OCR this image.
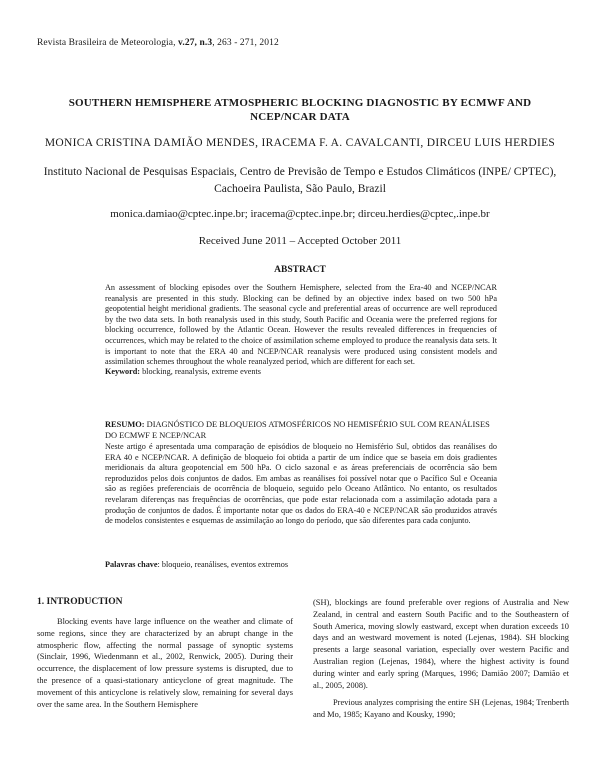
Revista Brasileira de Meteorologia, v.27, n.3, 263 - 271, 2012
SOUTHERN HEMISPHERE ATMOSPHERIC BLOCKING DIAGNOSTIC BY ECMWF AND NCEP/NCAR DATA
MONICA CRISTINA DAMIÃO MENDES, IRACEMA F. A. CAVALCANTI, DIRCEU LUIS HERDIES
Instituto Nacional de Pesquisas Espaciais, Centro de Previsão de Tempo e Estudos Climáticos (INPE/ CPTEC), Cachoeira Paulista, São Paulo, Brazil
monica.damiao@cptec.inpe.br; iracema@cptec.inpe.br; dirceu.herdies@cptec,.inpe.br
Received June 2011 – Accepted October 2011
ABSTRACT
An assessment of blocking episodes over the Southern Hemisphere, selected from the Era-40 and NCEP/NCAR reanalysis are presented in this study. Blocking can be defined by an objective index based on two 500 hPa geopotential height meridional gradients. The seasonal cycle and preferential areas of occurrence are well reproduced by the two data sets. In both reanalysis used in this study, South Pacific and Oceania were the preferred regions for blocking occurrence, followed by the Atlantic Ocean. However the results revealed differences in frequencies of occurrences, which may be related to the choice of assimilation scheme employed to produce the reanalysis data sets. It is important to note that the ERA 40 and NCEP/NCAR reanalysis were produced using consistent models and assimilation schemes throughout the whole reanalyzed period, which are different for each set.
Keyword: blocking, reanalysis, extreme events
RESUMO: DIAGNÓSTICO DE BLOQUEIOS ATMOSFÉRICOS NO HEMISFÉRIO SUL COM REANÁLISES DO ECMWF E NCEP/NCAR
Neste artigo é apresentada uma comparação de episódios de bloqueio no Hemisfério Sul, obtidos das reanálises do ERA 40 e NCEP/NCAR. A definição de bloqueio foi obtida a partir de um índice que se baseia em dois gradientes meridionais da altura geopotencial em 500 hPa. O ciclo sazonal e as áreas preferenciais de ocorrência são bem reproduzidos pelos dois conjuntos de dados. Em ambas as reanálises foi possível notar que o Pacífico Sul e Oceania são as regiões preferenciais de ocorrência de bloqueio, seguido pelo Oceano Atlântico. No entanto, os resultados revelaram diferenças nas frequências de ocorrências, que pode estar relacionada com a assimilação adotada para a produção de conjuntos de dados. É importante notar que os dados do ERA-40 e NCEP/NCAR são produzidos através de modelos consistentes e esquemas de assimilação ao longo do período, que são diferentes para cada conjunto.
Palavras chave: bloqueio, reanálises, eventos extremos
1. INTRODUCTION
Blocking events have large influence on the weather and climate of some regions, since they are characterized by an abrupt change in the atmospheric flow, affecting the normal passage of synoptic systems (Sinclair, 1996, Wiedenmann et al., 2002, Renwick, 2005). During their occurrence, the displacement of low pressure systems is disrupted, due to the presence of a quasi-stationary anticyclone of great magnitude. The movement of this anticyclone is relatively slow, remaining for several days over the same area. In the Southern Hemisphere

(SH), blockings are found preferable over regions of Australia and New Zealand, in central and eastern South Pacific and to the Southeastern of South America, moving slowly eastward, except when duration exceeds 10 days and an westward movement is noted (Lejenas, 1984). SH blocking presents a large seasonal variation, especially over western Pacific and Australian region (Lejenas, 1984), where the highest activity is found during winter and early spring (Marques, 1996; Damião 2007; Damião et al., 2005, 2008).

Previous analyzes comprising the entire SH (Lejenas, 1984; Trenberth and Mo, 1985; Kayano and Kousky, 1990;
